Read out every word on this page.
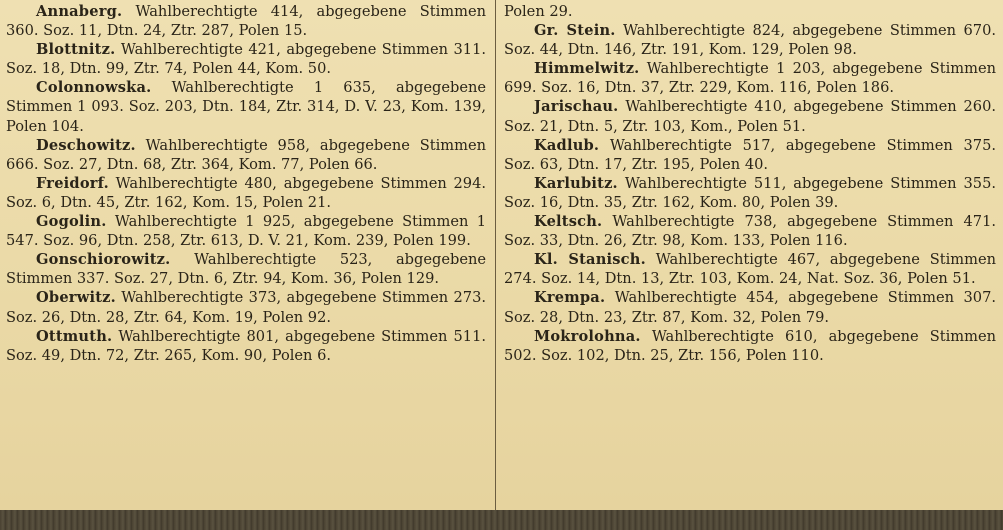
Annaberg. Wahlberechtigte 414, abgegebene Stimmen 360. Soz. 11, Dtn. 24, Ztr. 287, Polen 15.

Blottnitz. Wahlberechtigte 421, abgegebene Stimmen 311. Soz. 18, Dtn. 99, Ztr. 74, Polen 44, Kom. 50.

Colonnowska. Wahlberechtigte 1 635, abgegebene Stimmen 1 093. Soz. 203, Dtn. 184, Ztr. 314, D. V. 23, Kom. 139, Polen 104.

Deschowitz. Wahlberechtigte 958, abgegebene Stimmen 666. Soz. 27, Dtn. 68, Ztr. 364, Kom. 77, Polen 66.

Freidorf. Wahlberechtigte 480, abgegebene Stimmen 294. Soz. 6, Dtn. 45, Ztr. 162, Kom. 15, Polen 21.

Gogolin. Wahlberechtigte 1 925, abgegebene Stimmen 1 547. Soz. 96, Dtn. 258, Ztr. 613, D. V. 21, Kom. 239, Polen 199.

Gonschiorowitz. Wahlberechtigte 523, abgegebene Stimmen 337. Soz. 27, Dtn. 6, Ztr. 94, Kom. 36, Polen 129.

Oberwitz. Wahlberechtigte 373, abgegebene Stimmen 273. Soz. 26, Dtn. 28, Ztr. 64, Kom. 19, Polen 92.

Ottmuth. Wahlberechtigte 801, abgegebene Stimmen 511. Soz. 49, Dtn. 72, Ztr. 265, Kom. 90, Polen 6.

Polen 29.

Gr. Stein. Wahlberechtigte 824, abgegebene Stimmen 670. Soz. 44, Dtn. 146, Ztr. 191, Kom. 129, Polen 98.

Himmelwitz. Wahlberechtigte 1 203, abgegebene Stimmen 699. Soz. 16, Dtn. 37, Ztr. 229, Kom. 116, Polen 186.

Jarischau. Wahlberechtigte 410, abgegebene Stimmen 260. Soz. 21, Dtn. 5, Ztr. 103, Kom., Polen 51.

Kadlub. Wahlberechtigte 517, abgegebene Stimmen 375. Soz. 63, Dtn. 17, Ztr. 195, Polen 40.

Karlubitz. Wahlberechtigte 511, abgegebene Stimmen 355. Soz. 16, Dtn. 35, Ztr. 162, Kom. 80, Polen 39.

Keltsch. Wahlberechtigte 738, abgegebene Stimmen 471. Soz. 33, Dtn. 26, Ztr. 98, Kom. 133, Polen 116.

Kl. Stanisch. Wahlberechtigte 467, abgegebene Stimmen 274. Soz. 14, Dtn. 13, Ztr. 103, Kom. 24, Nat. Soz. 36, Polen 51.

Krempa. Wahlberechtigte 454, abgegebene Stimmen 307. Soz. 28, Dtn. 23, Ztr. 87, Kom. 32, Polen 79.

Mokrolohna. Wahlberechtigte 610, abgegebene Stimmen 502. Soz. 102, Dtn. 25, Ztr. 156, Polen 110.
